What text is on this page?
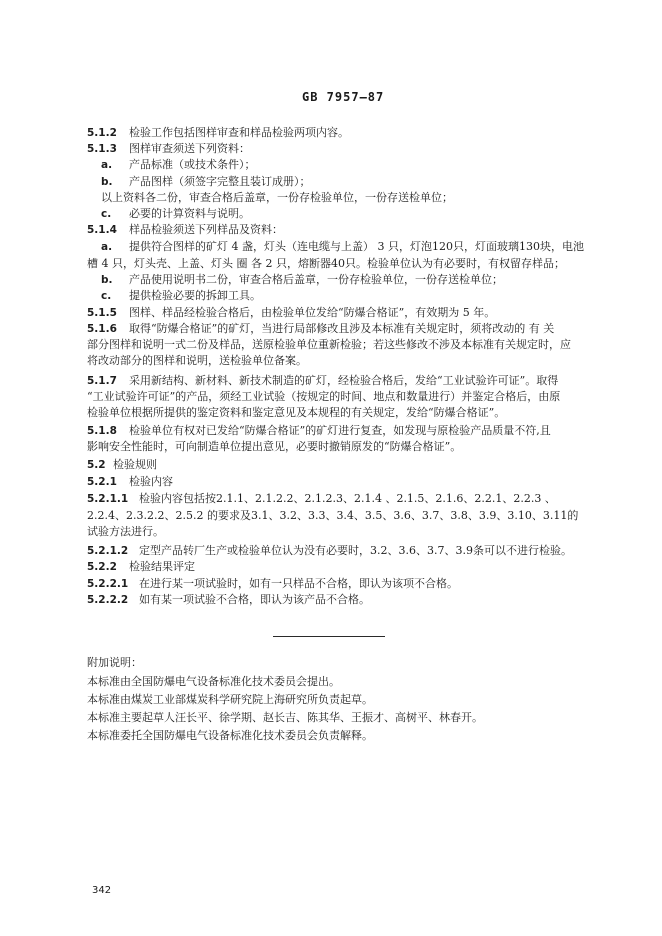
GB 7957—87
5.1.2 检验工作包括图样审查和样品检验两项内容。
5.1.3 图样审查须送下列资料：
a. 产品标准（或技术条件）；
b. 产品图样（须签字完整且装订成册）；
以上资料各二份，审查合格后盖章，一份存检验单位，一份存送检单位；
c. 必要的计算资料与说明。
5.1.4 样品检验须送下列样品及资料：
a. 提供符合图样的矿灯 4 盏，灯头（连电缆与上盖） 3 只，灯泡120只，灯面玻璃130块，电池
槽 4 只，灯头壳、上盖、灯头 圈 各 2 只，熔断器40只。检验单位认为有必要时，有权留存样品；
b. 产品使用说明书二份，审查合格后盖章，一份存检验单位，一份存送检单位；
c. 提供检验必要的拆卸工具。
5.1.5 图样、样品经检验合格后，由检验单位发给“防爆合格证”，有效期为 5 年。
5.1.6 取得“防爆合格证”的矿灯，当进行局部修改且涉及本标准有关规定时，须将改动的 有 关
部分图样和说明一式二份及样品，送原检验单位重新检验；若这些修改不涉及本标准有关规定时，应
将改动部分的图样和说明，送检验单位备案。
5.1.7 采用新结构、新材料、新技术制造的矿灯，经检验合格后，发给“工业试验许可证”。取得
“工业试验许可证”的产品，须经工业试验（按规定的时间、地点和数量进行）并鉴定合格后，由原
检验单位根据所提供的鉴定资料和鉴定意见及本规程的有关规定，发给“防爆合格证”。
5.1.8 检验单位有权对已发给“防爆合格证”的矿灯进行复查，如发现与原检验产品质量不符,且
影响安全性能时，可向制造单位提出意见，必要时撤销原发的“防爆合格证”。
5.2 检验规则
5.2.1 检验内容
5.2.1.1 检验内容包括按2.1.1、2.1.2.2、2.1.2.3、2.1.4 、2.1.5、2.1.6、2.2.1、2.2.3 、
2.2.4、2.3.2.2、2.5.2 的要求及3.1、3.2、3.3、3.4、3.5、3.6、3.7、3.8、3.9、3.10、3.11的
试验方法进行。
5.2.1.2 定型产品转厂生产或检验单位认为没有必要时，3.2、3.6、3.7、3.9条可以不进行检验。
5.2.2 检验结果评定
5.2.2.1 在进行某一项试验时，如有一只样品不合格，即认为该项不合格。
5.2.2.2 如有某一项试验不合格，即认为该产品不合格。
附加说明：
本标准由全国防爆电气设备标准化技术委员会提出。
本标准由煤炭工业部煤炭科学研究院上海研究所负责起草。
本标准主要起草人汪长平、徐学期、赵长吉、陈其华、王振才、高树平、林春开。
本标准委托全国防爆电气设备标准化技术委员会负责解释。
342
